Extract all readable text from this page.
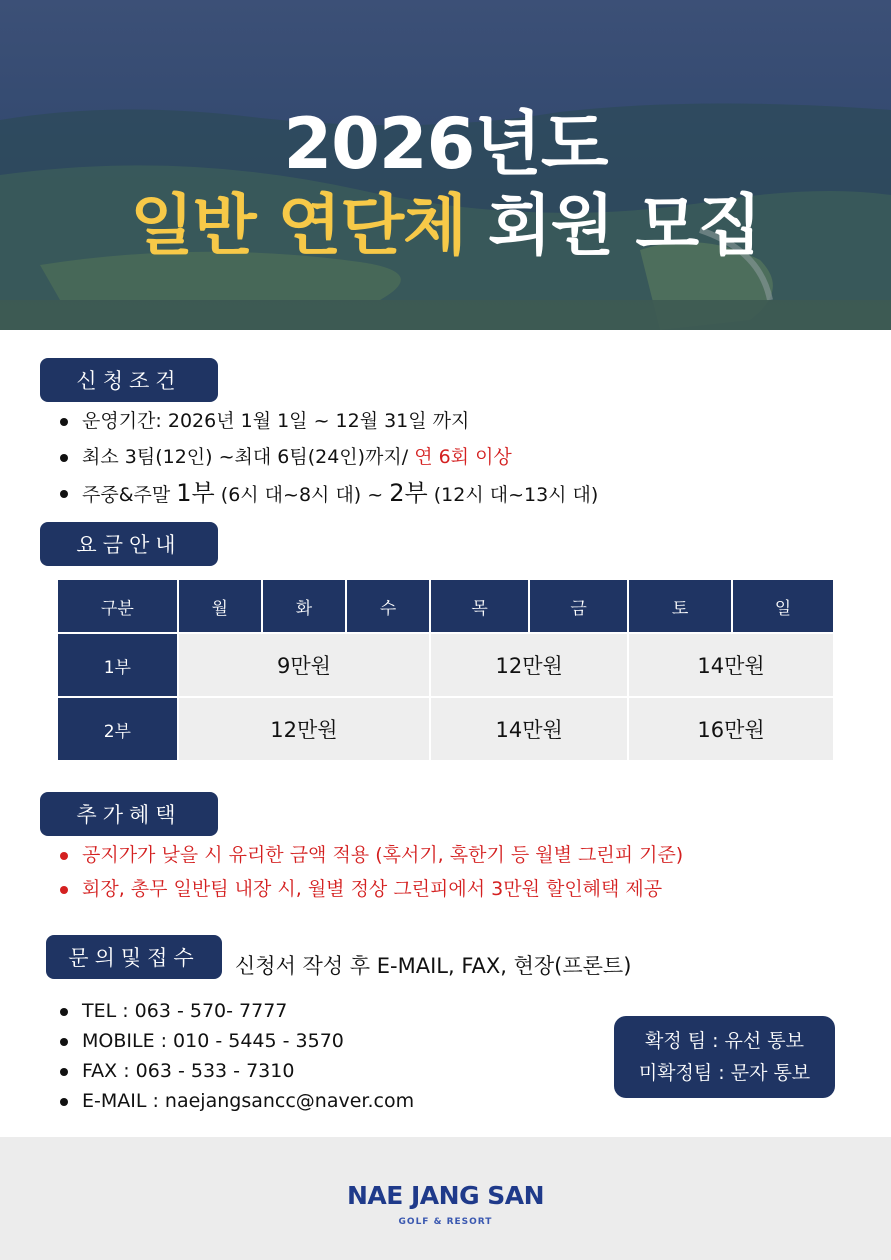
2026년도
일반 연단체 회원 모집
신청조건
운영기간: 2026년 1월 1일 ~ 12월 31일 까지
최소 3팀(12인) ~최대 6팀(24인)까지/ 연 6회 이상
주중&주말 1부 (6시 대~8시 대) ~ 2부 (12시 대~13시 대)
요금안내
구분	월	화	수	목	금	토	일
1부	9만원			12만원		14만원	
2부	12만원			14만원		16만원	
추가혜택
공지가가 낮을 시 유리한 금액 적용 (혹서기, 혹한기 등 월별 그린피 기준)
회장, 총무 일반팀 내장 시, 월별 정상 그린피에서 3만원 할인혜택 제공
문의및접수	신청서 작성 후 E-MAIL, FAX, 현장(프론트)
TEL : 063 - 570- 7777
MOBILE : 010 - 5445 - 3570
FAX : 063 - 533 - 7310
E-MAIL : naejangsancc@naver.com
확정 팀 : 유선 통보
미확정팀 : 문자 통보
NAE JANG SAN
GOLF & RESORT
